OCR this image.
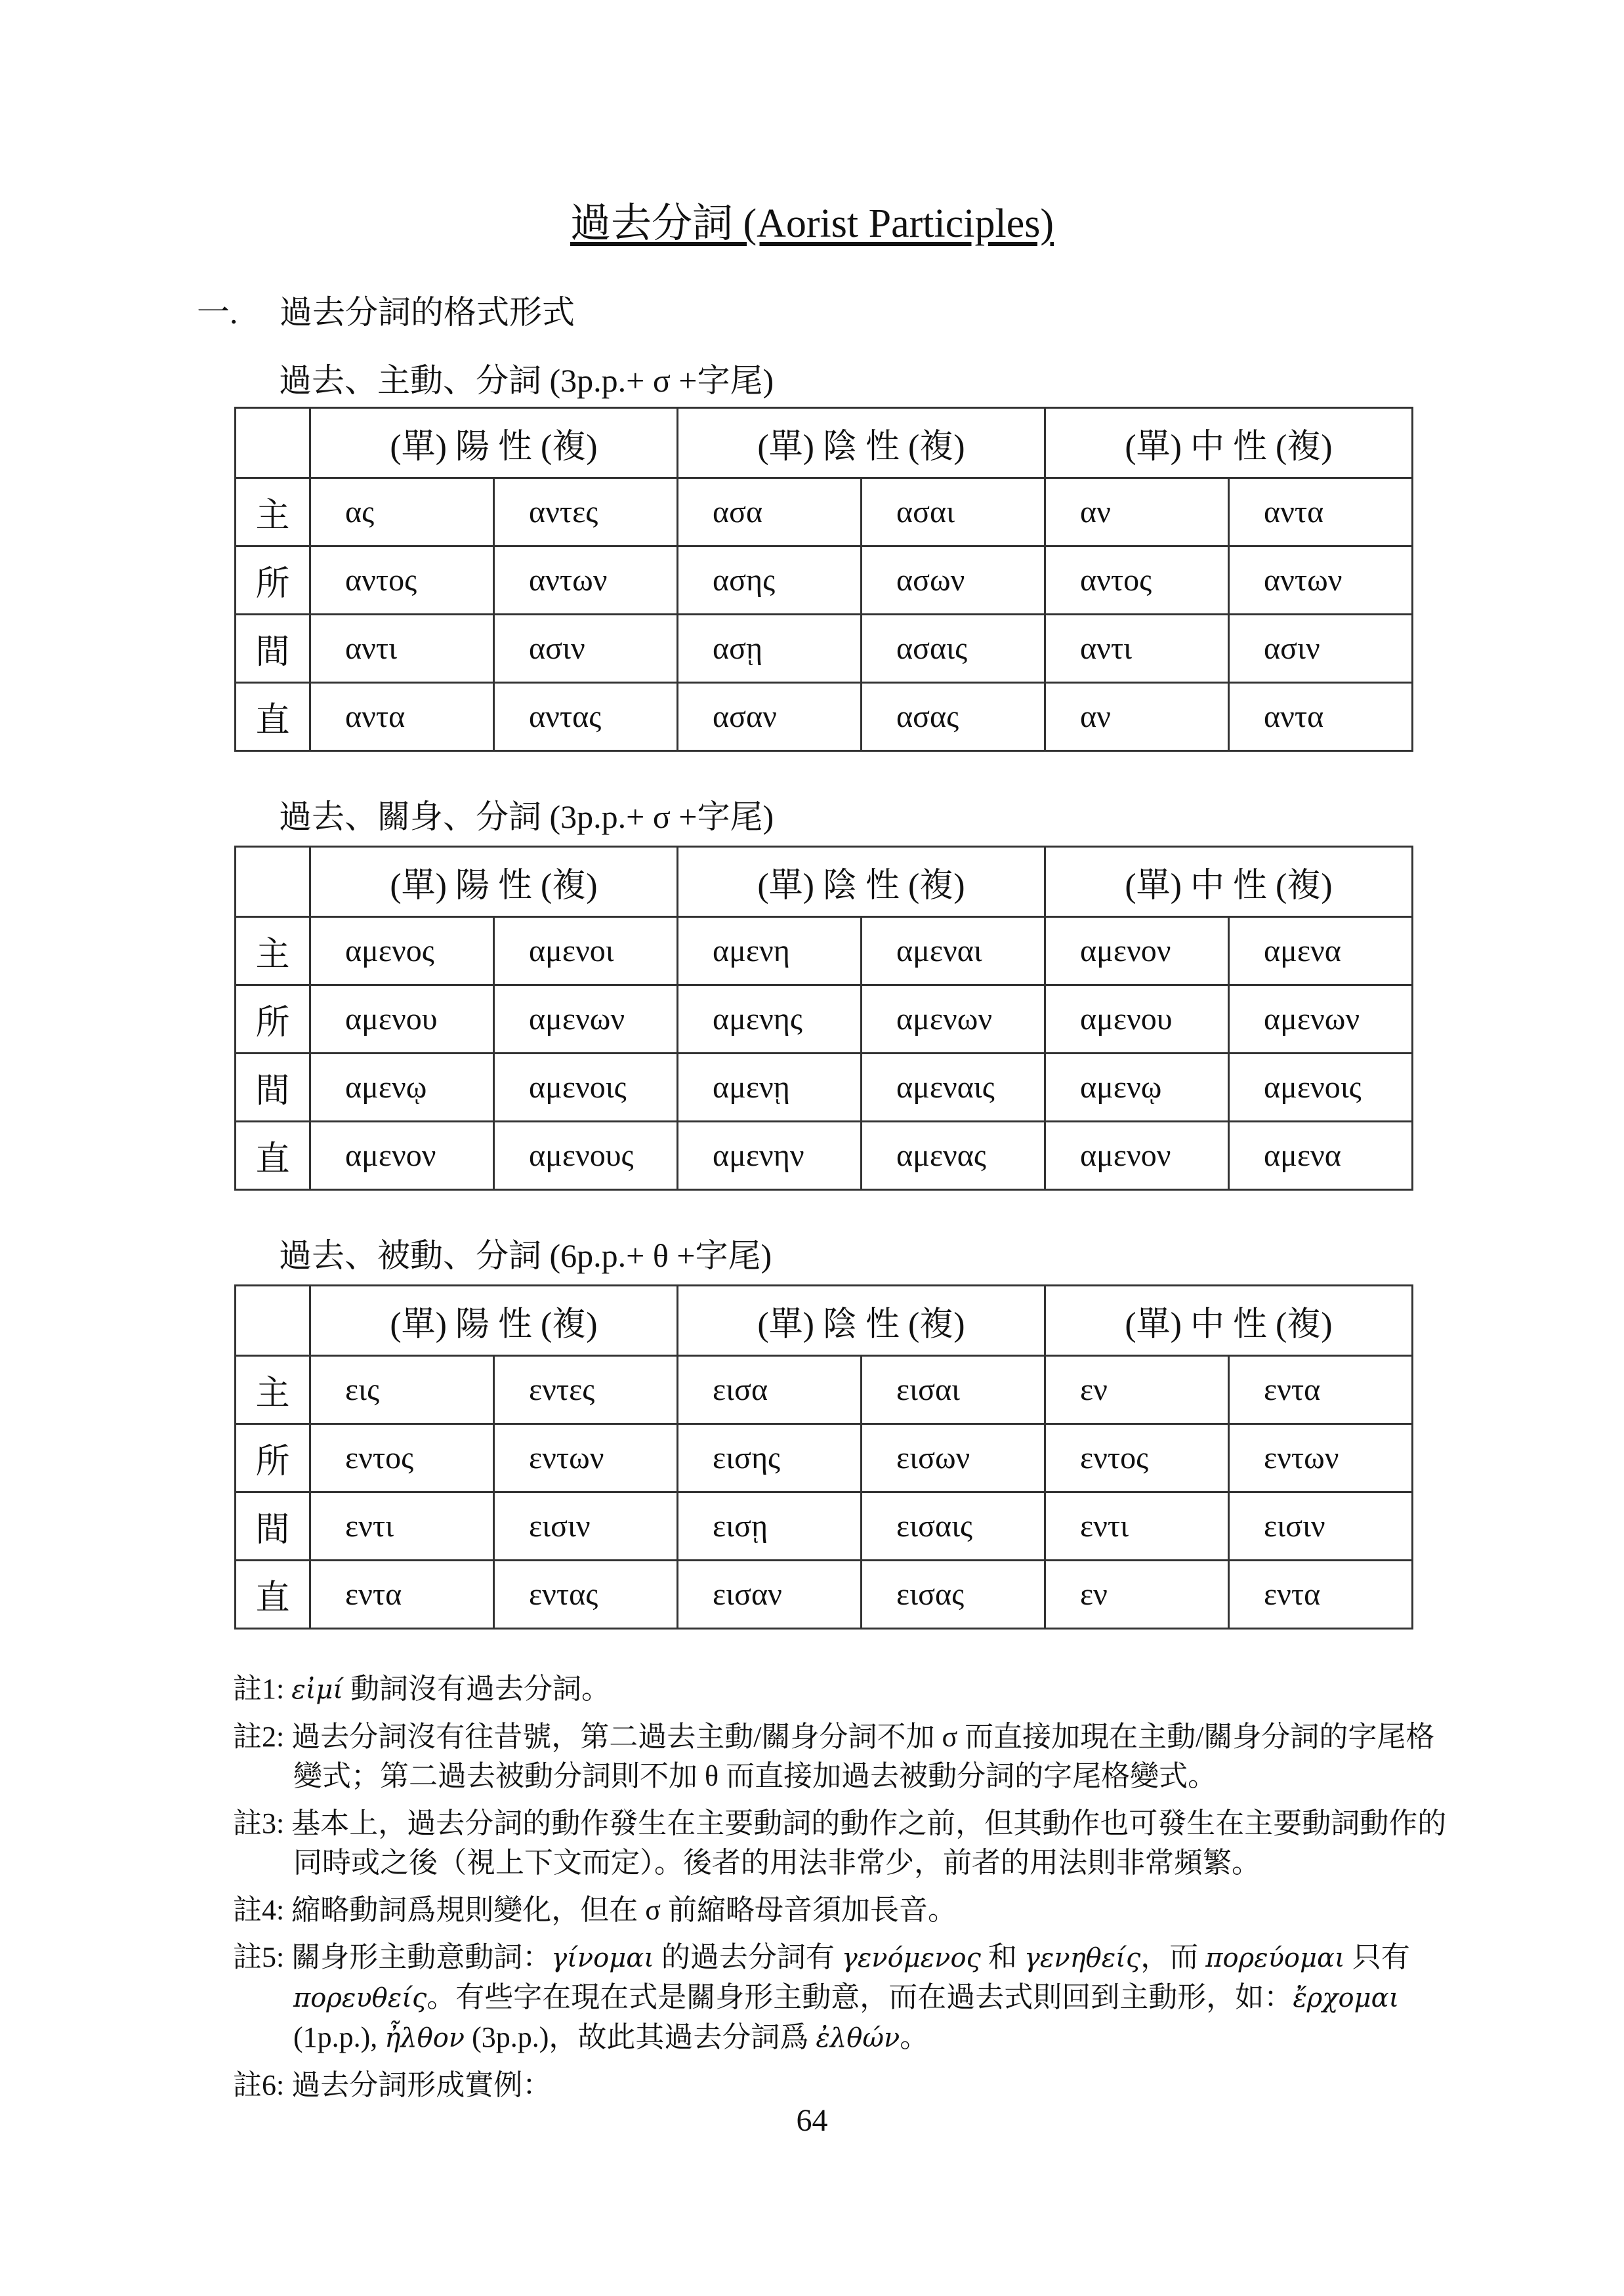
過去分詞 (Aorist Participles)
一. 過去分詞的格式形式
過去、主動、分詞 (3p.p.+ σ +字尾)
	(單) 陽 性 (複)		(單) 陰 性 (複)		(單) 中 性 (複)	
主	ας	αντες	ασα	ασαι	αν	αντα
所	αντος	αντων	ασης	ασων	αντος	αντων
間	αντι	ασιν	ασῃ	ασαις	αντι	ασιν
直	αντα	αντας	ασαν	ασας	αν	αντα
過去、關身、分詞 (3p.p.+ σ +字尾)
	(單) 陽 性 (複)		(單) 陰 性 (複)		(單) 中 性 (複)	
主	αμενος	αμενοι	αμενη	αμεναι	αμενον	αμενα
所	αμενου	αμενων	αμενης	αμενων	αμενου	αμενων
間	αμενῳ	αμενοις	αμενῃ	αμεναις	αμενῳ	αμενοις
直	αμενον	αμενους	αμενην	αμενας	αμενον	αμενα
過去、被動、分詞 (6p.p.+ θ +字尾)
	(單) 陽 性 (複)		(單) 陰 性 (複)		(單) 中 性 (複)	
主	εις	εντες	εισα	εισαι	εν	εντα
所	εντος	εντων	εισης	εισων	εντος	εντων
間	εντι	εισιν	εισῃ	εισαις	εντι	εισιν
直	εντα	εντας	εισαν	εισας	εν	εντα
註1: εἰμί 動詞沒有過去分詞。
註2: 過去分詞沒有往昔號，第二過去主動/關身分詞不加 σ 而直接加現在主動/關身分詞的字尾格變式；第二過去被動分詞則不加 θ 而直接加過去被動分詞的字尾格變式。
註3: 基本上，過去分詞的動作發生在主要動詞的動作之前，但其動作也可發生在主要動詞動作的同時或之後（視上下文而定）。後者的用法非常少，前者的用法則非常頻繁。
註4: 縮略動詞爲規則變化，但在 σ 前縮略母音須加長音。
註5: 關身形主動意動詞：γίνομαι 的過去分詞有 γενόμενος 和 γενηθείς，而 πορεύομαι 只有 πορευθείς。有些字在現在式是關身形主動意，而在過去式則回到主動形，如：ἔρχομαι (1p.p.), ἦλθον (3p.p.)，故此其過去分詞爲 ἐλθών。
註6: 過去分詞形成實例：
64
